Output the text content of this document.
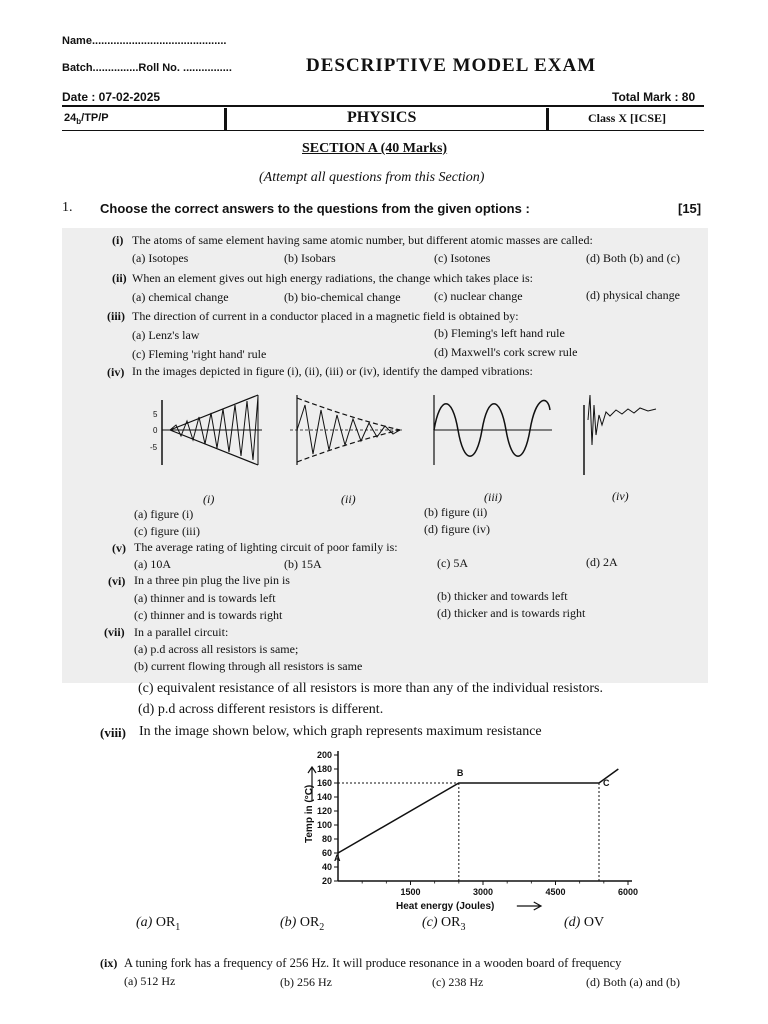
Name............................................
Batch...............Roll No. ................	DESCRIPTIVE MODEL EXAM
Date : 07-02-2025	Total Mark : 80
$24_b/TP/P$	PHYSICS	Class X [ICSE]
SECTION A (40 Marks)
(Attempt all questions from this Section)
1. Choose the correct answers to the questions from the given options :	[15]
(i) The atoms of same element having same atomic number, but different atomic masses are called:
(a) Isotopes	(b) Isobars	(c) Isotones	(d) Both (b) and (c)
(ii) When an element gives out high energy radiations, the change which takes place is:
(a) chemical change	(b) bio-chemical change	(c) nuclear change	(d) physical change
(iii) The direction of current in a conductor placed in a magnetic field is obtained by:
(a) Lenz's law	(b) Fleming's left hand rule
(c) Fleming 'right hand' rule	(d) Maxwell's cork screw rule
(iv) In the images depicted in figure (i), (ii), (iii) or (iv), identify the damped vibrations:
5
0
-5
(i)	(ii)	(iii)	(iv)
(a) figure (i)	(b) figure (ii)
(c) figure (iii)	(d) figure (iv)
(v) The average rating of lighting circuit of poor family is:
(a) 10A	(b) 15A	(c) 5A	(d) 2A
(vi) In a three pin plug the live pin is
(a) thinner and is towards left	(b) thicker and towards left
(c) thinner and is towards right	(d) thicker and is towards right
(vii) In a parallel circuit:
(a) p.d across all resistors is same;
(b) current flowing through all resistors is same
(c) equivalent resistance of all resistors is more than any of the individual resistors.
(d) p.d across different resistors is different.
(viii) In the image shown below, which graph represents maximum resistance
20
40
60
80
100
120
140
160
180
200
1500	3000	4500	6000
A
B
C
Temp in (°C)
Heat energy (Joules)
(a) $OR_1$	(b) $OR_2$	(c) $OR_3$	(d) OV
(ix) A tuning fork has a frequency of 256 Hz. It will produce resonance in a wooden board of frequency
(a) 512 Hz	(b) 256 Hz	(c) 238 Hz	(d) Both (a) and (b)
